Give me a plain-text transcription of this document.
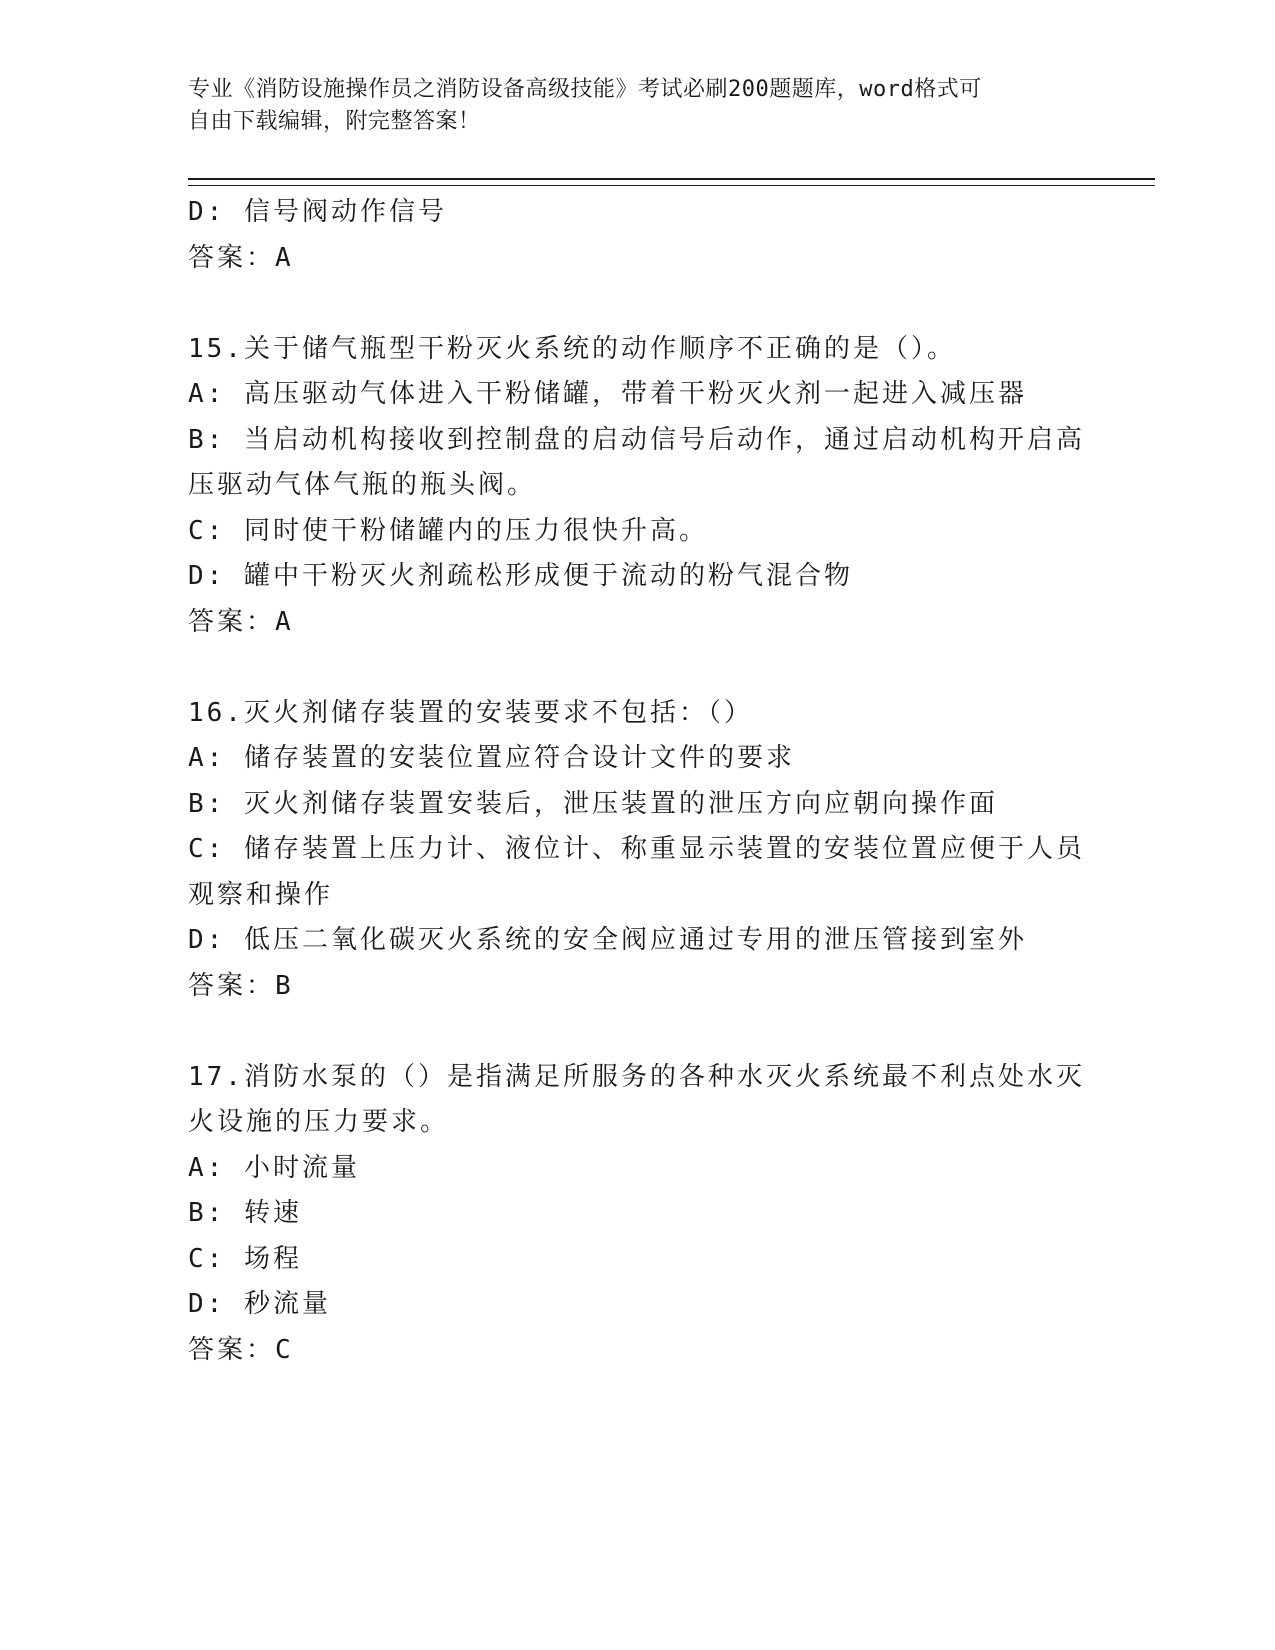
专业《消防设施操作员之消防设备高级技能》考试必刷200题题库，word格式可
自由下载编辑，附完整答案！
D: 信号阀动作信号
答案：A
15.关于储气瓶型干粉灭火系统的动作顺序不正确的是（）。
A: 高压驱动气体进入干粉储罐，带着干粉灭火剂一起进入减压器
B: 当启动机构接收到控制盘的启动信号后动作，通过启动机构开启高压驱动气体气瓶的瓶头阀。
C: 同时使干粉储罐内的压力很快升高。
D: 罐中干粉灭火剂疏松形成便于流动的粉气混合物
答案：A
16.灭火剂储存装置的安装要求不包括：（）
A: 储存装置的安装位置应符合设计文件的要求
B: 灭火剂储存装置安装后，泄压装置的泄压方向应朝向操作面
C: 储存装置上压力计、液位计、称重显示装置的安装位置应便于人员观察和操作
D: 低压二氧化碳灭火系统的安全阀应通过专用的泄压管接到室外
答案：B
17.消防水泵的（）是指满足所服务的各种水灭火系统最不利点处水灭火设施的压力要求。
A: 小时流量
B: 转速
C: 场程
D: 秒流量
答案：C
